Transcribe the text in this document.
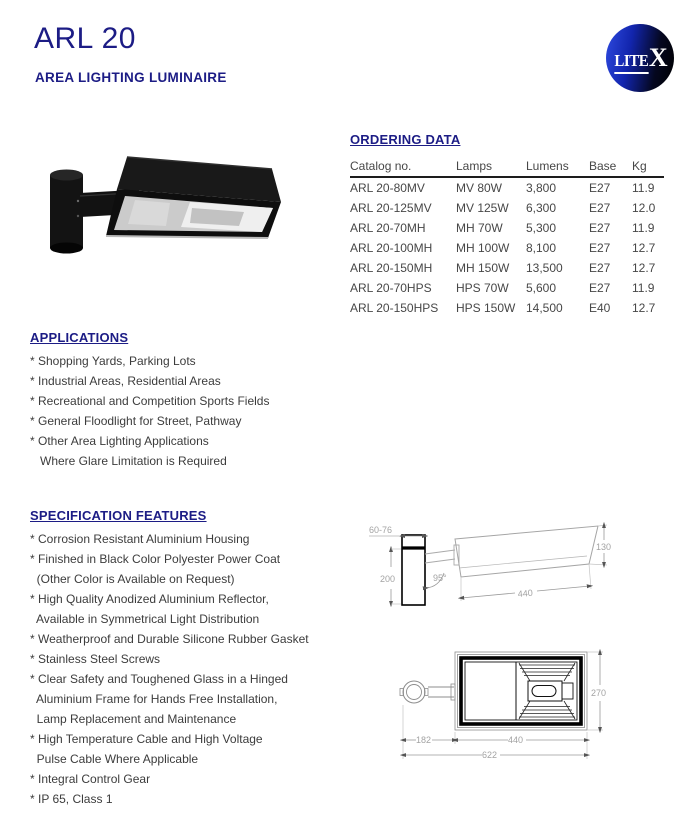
ARL 20
AREA LIGHTING LUMINAIRE
LITE X
ORDERING DATA
Catalog no.	Lamps	Lumens	Base	Kg
ARL 20-80MV	MV 80W	3,800	E27	11.9
ARL 20-125MV	MV 125W	6,300	E27	12.0
ARL 20-70MH	MH 70W	5,300	E27	11.9
ARL 20-100MH	MH 100W	8,100	E27	12.7
ARL 20-150MH	MH 150W	13,500	E27	12.7
ARL 20-70HPS	HPS 70W	5,600	E27	11.9
ARL 20-150HPS	HPS 150W 14,500	E40	12.7
APPLICATIONS
* Shopping Yards, Parking Lots
* Industrial Areas, Residential Areas
* Recreational and Competition Sports Fields
* General Floodlight for Street, Pathway
* Other Area Lighting Applications
Where Glare Limitation is Required
SPECIFICATION FEATURES
* Corrosion Resistant Aluminium Housing
* Finished in Black Color Polyester Power Coat
(Other Color is Available on Request)
* High Quality Anodized Aluminium Reflector,
Available in Symmetrical Light Distribution
* Weatherproof and Durable Silicone Rubber Gasket
* Stainless Steel Screws
* Clear Safety and Toughened Glass in a Hinged
Aluminium Frame for Hands Free Installation,
Lamp Replacement and Maintenance
* High Temperature Cable and High Voltage
Pulse Cable Where Applicable
* Integral Control Gear
* IP 65, Class 1
60-76
200	95°
130
440
270
182	440
622
